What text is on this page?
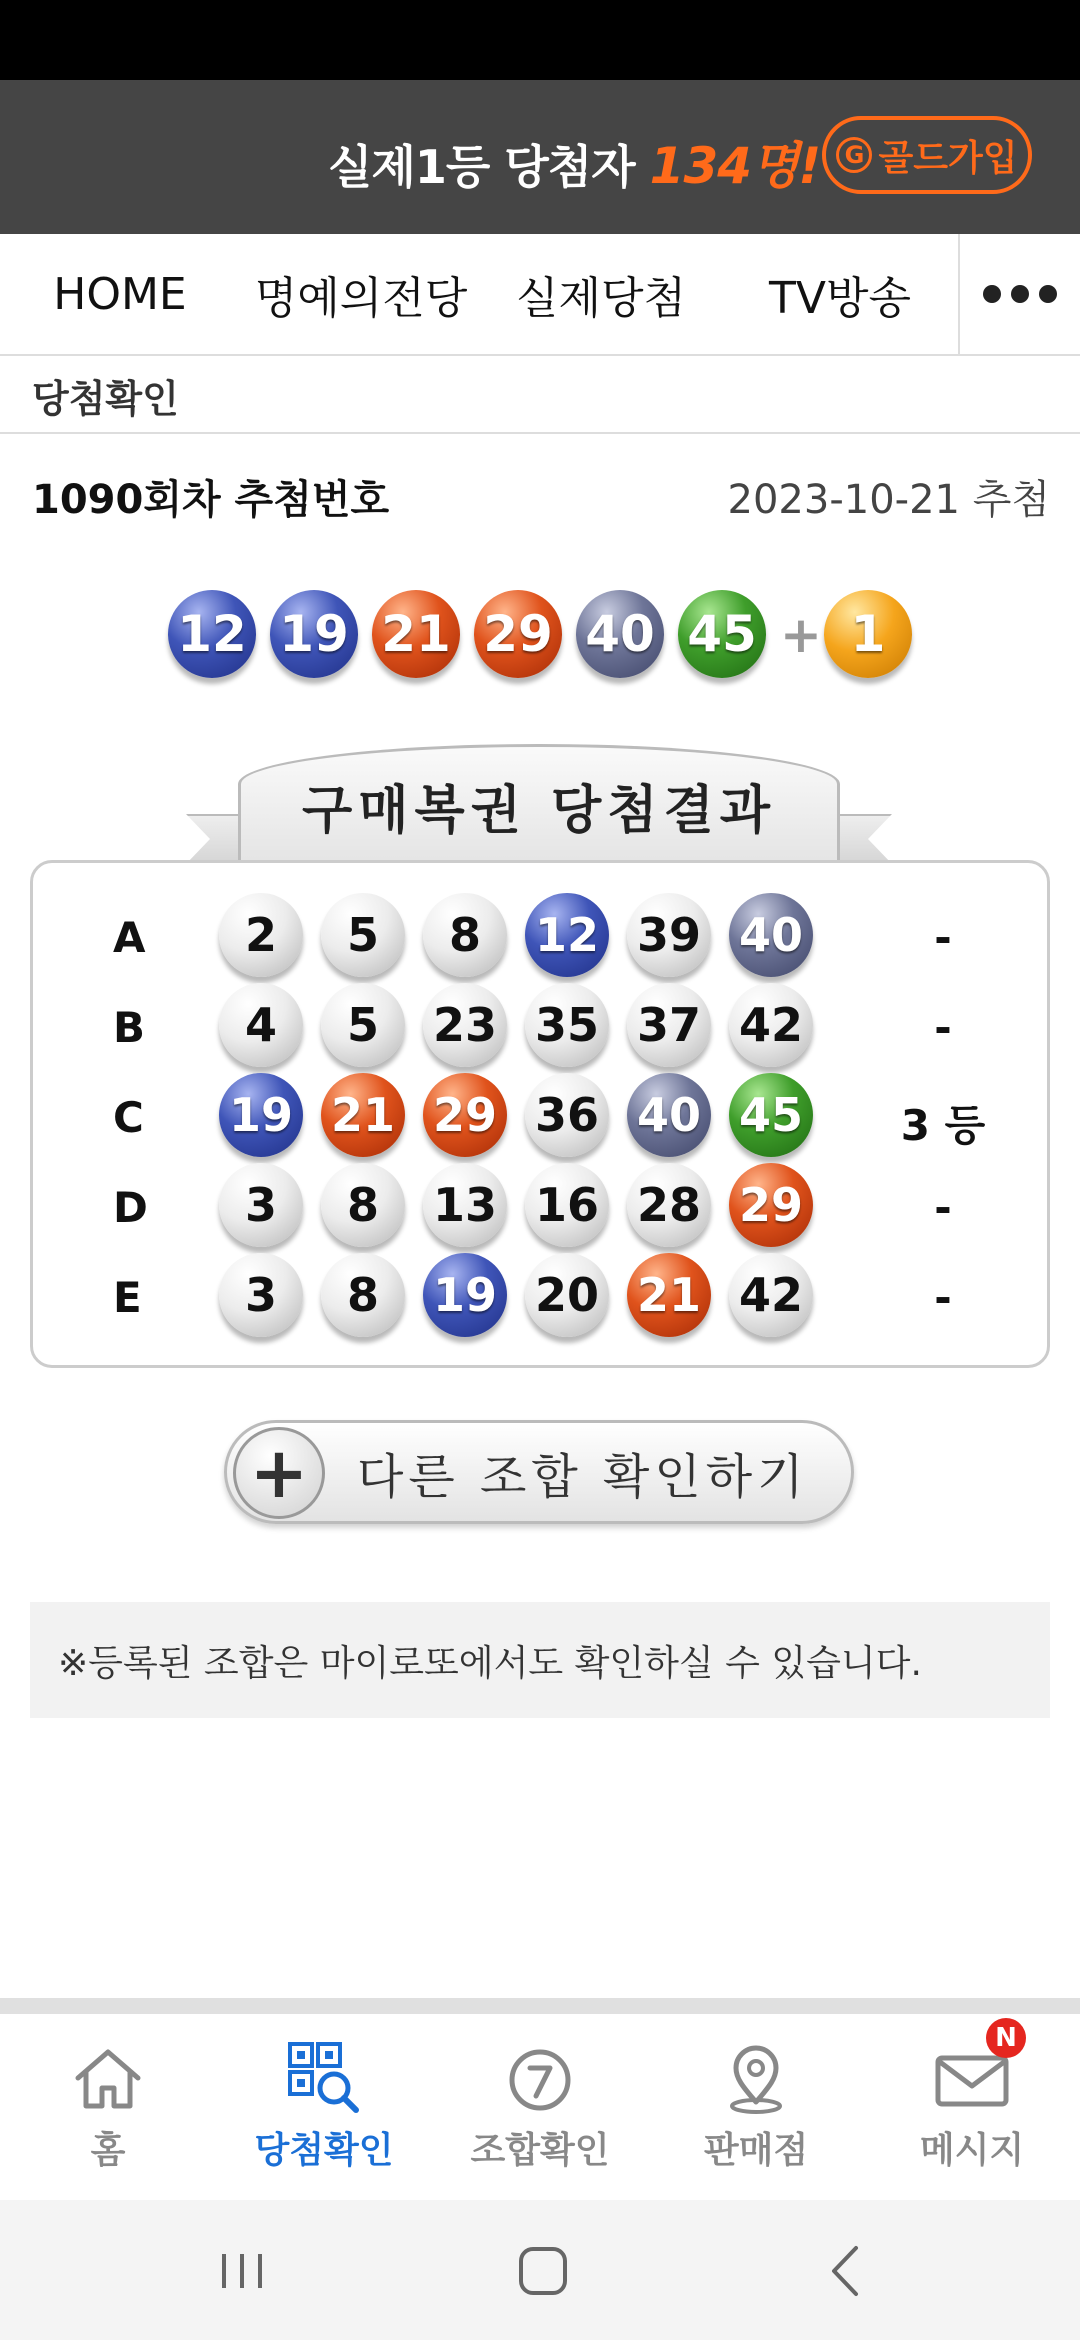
실제1등 당첨자 134명!	G 골드가입
HOME	명예의전당	실제당첨	TV방송
당첨확인
1090회차 추첨번호	2023-10-21 추첨
12 19 21 29 40 45 + 1
구매복권 당첨결과
A	2	5	8	12 39 40	-
B	4	5	23 35 37 42	-
C	19 21 29 36 40 45	3 등
D	3	8	13 16 28 29	-
E	3	8	19 20 21 42	-
+	다른 조합 확인하기
※등록된 조합은 마이로또에서도 확인하실 수 있습니다.
홈	당첨확인	조합확인	판매점
N
메시지
